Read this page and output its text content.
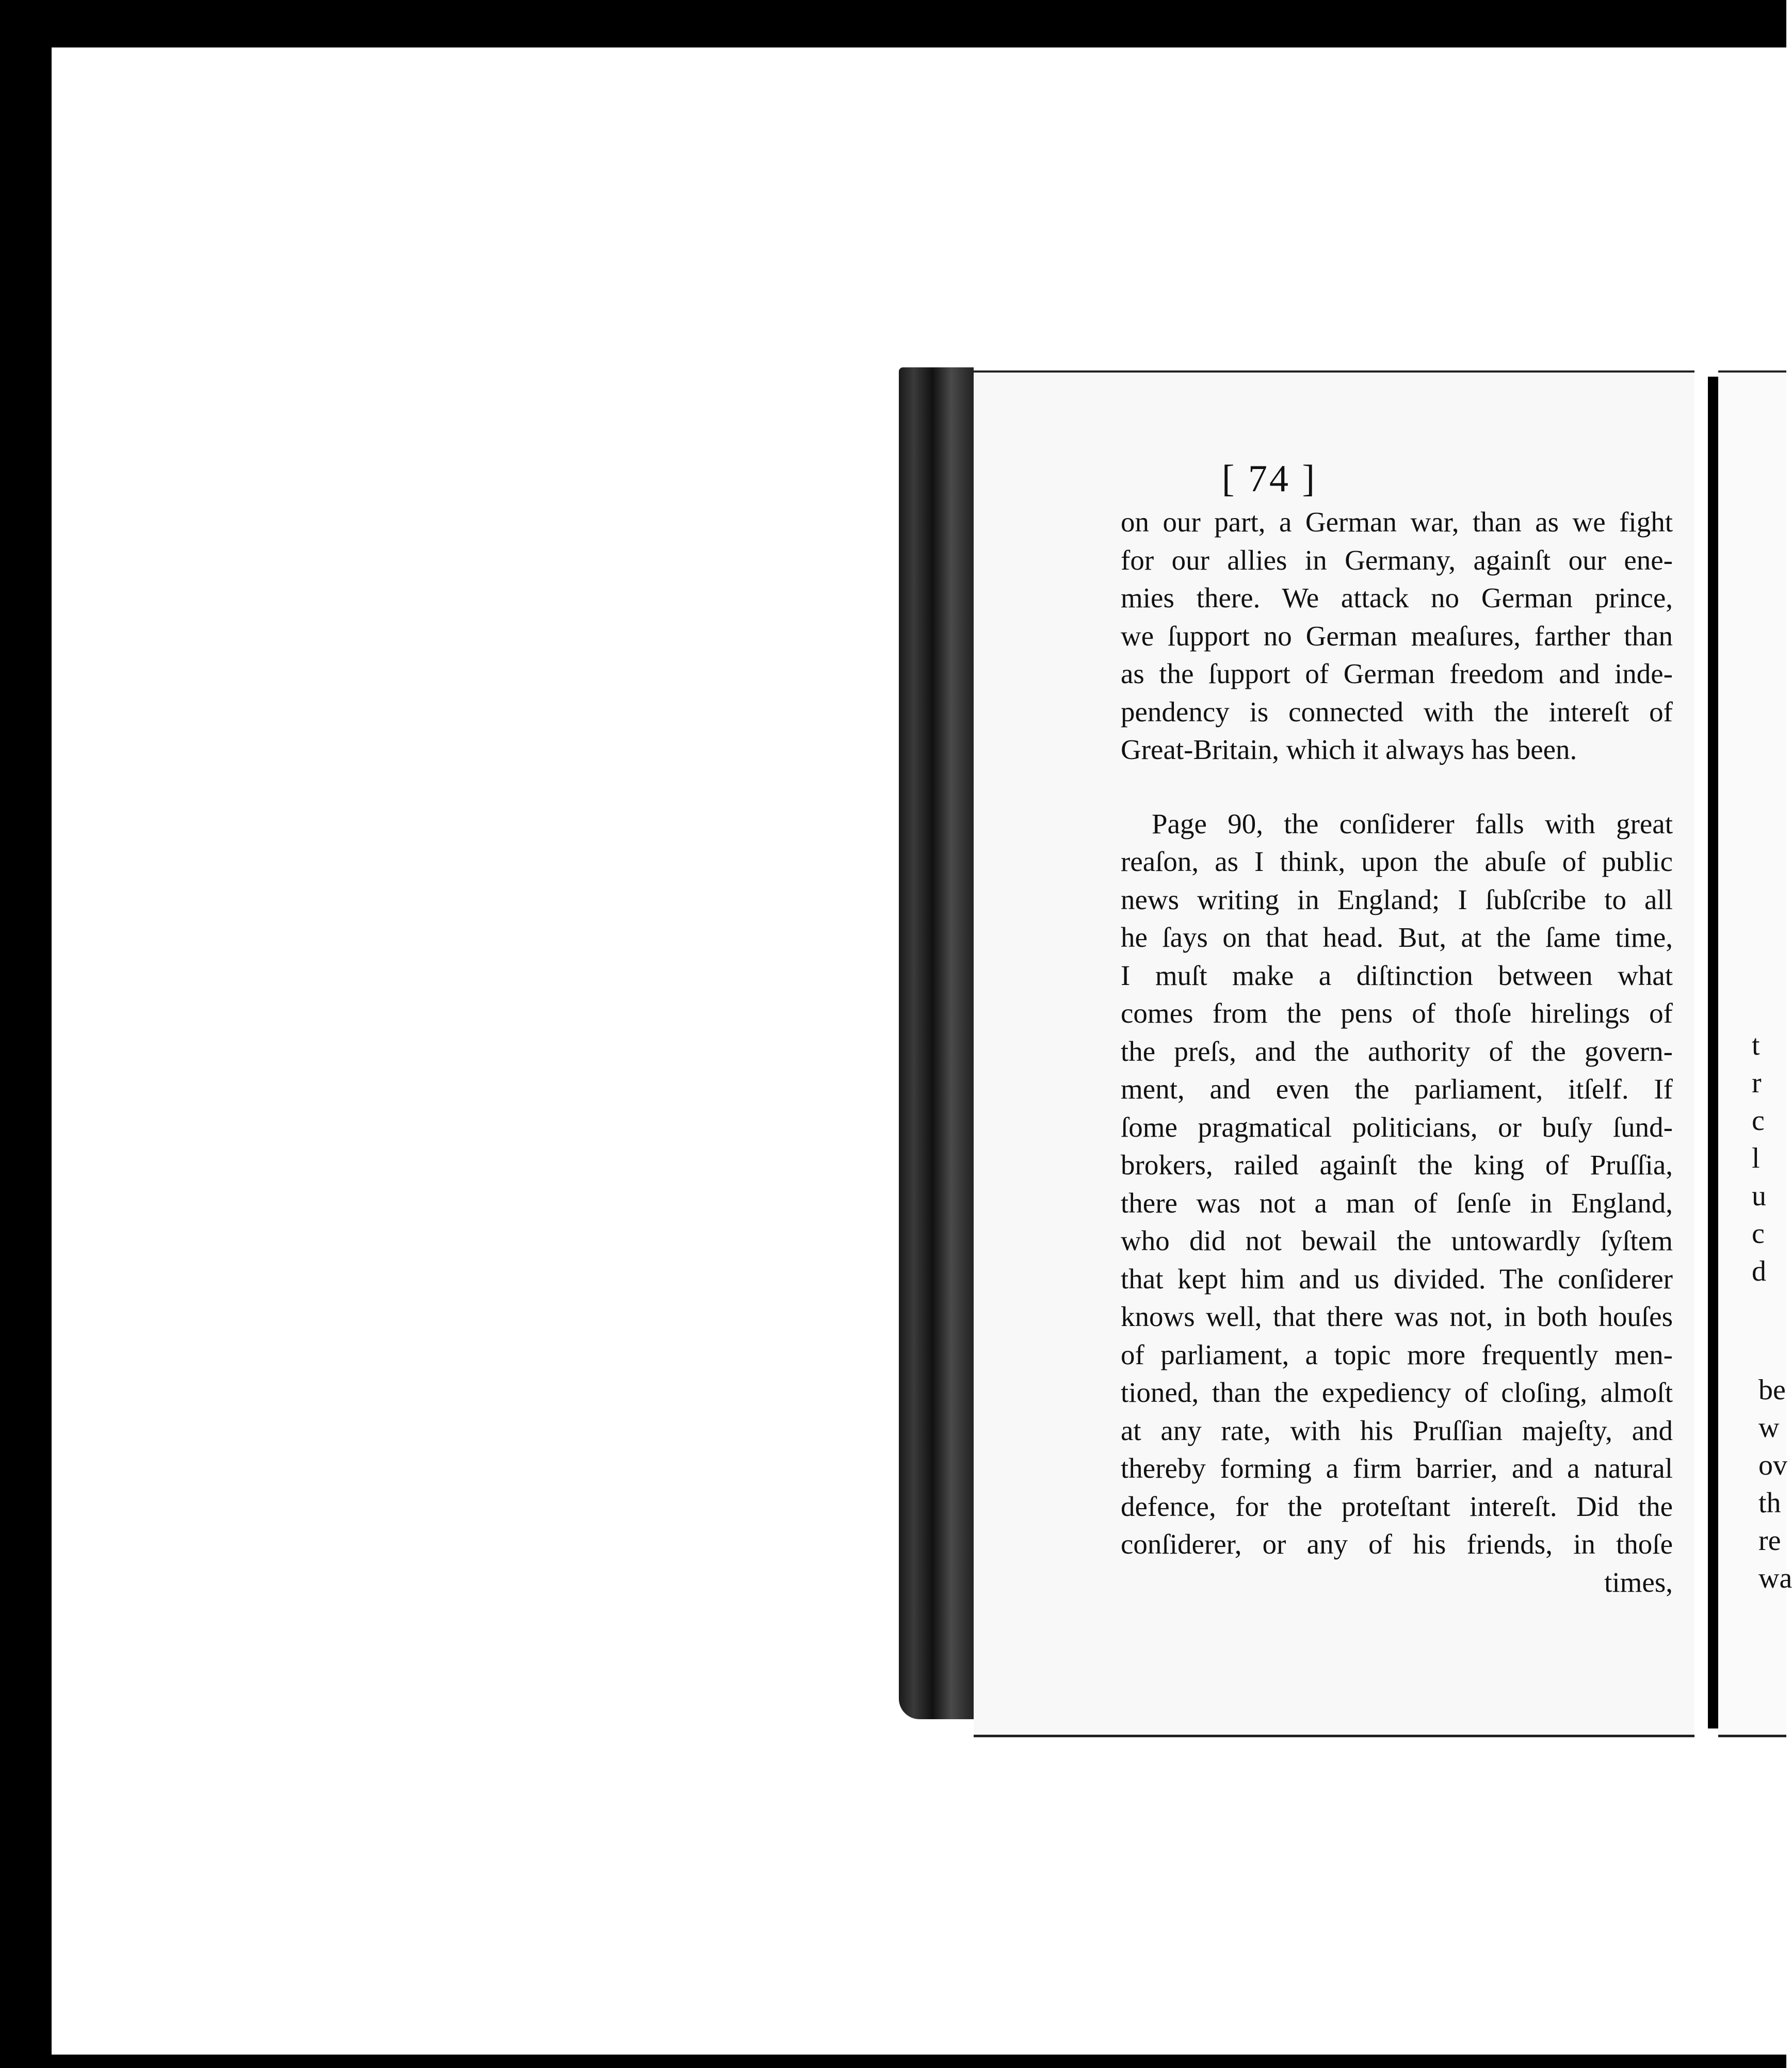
[ 74 ]
on our part, a German war, than as we fight
for our allies in Germany, againſt our ene-
mies there. We attack no German prince,
we ſupport no German meaſures, farther than
as the ſupport of German freedom and inde-
pendency is connected with the intereſt of
Great-Britain, which it always has been.
Page 90, the conſiderer falls with great
reaſon, as I think, upon the abuſe of public
news writing in England; I ſubſcribe to all
he ſays on that head. But, at the ſame time,
I muſt make a diſtinction between what
comes from the pens of thoſe hirelings of
the preſs, and the authority of the govern-
ment, and even the parliament, itſelf. If
ſome pragmatical politicians, or buſy ſund-
brokers, railed againſt the king of Pruſſia,
there was not a man of ſenſe in England,
who did not bewail the untowardly ſyſtem
that kept him and us divided. The conſiderer
knows well, that there was not, in both houſes
of parliament, a topic more frequently men-
tioned, than the expediency of cloſing, almoſt
at any rate, with his Pruſſian majeſty, and
thereby forming a firm barrier, and a natural
defence, for the proteſtant intereſt. Did the
conſiderer, or any of his friends, in thoſe
times,
t
r
c
l
u
c
d
be
w
ov
th
re
wa
